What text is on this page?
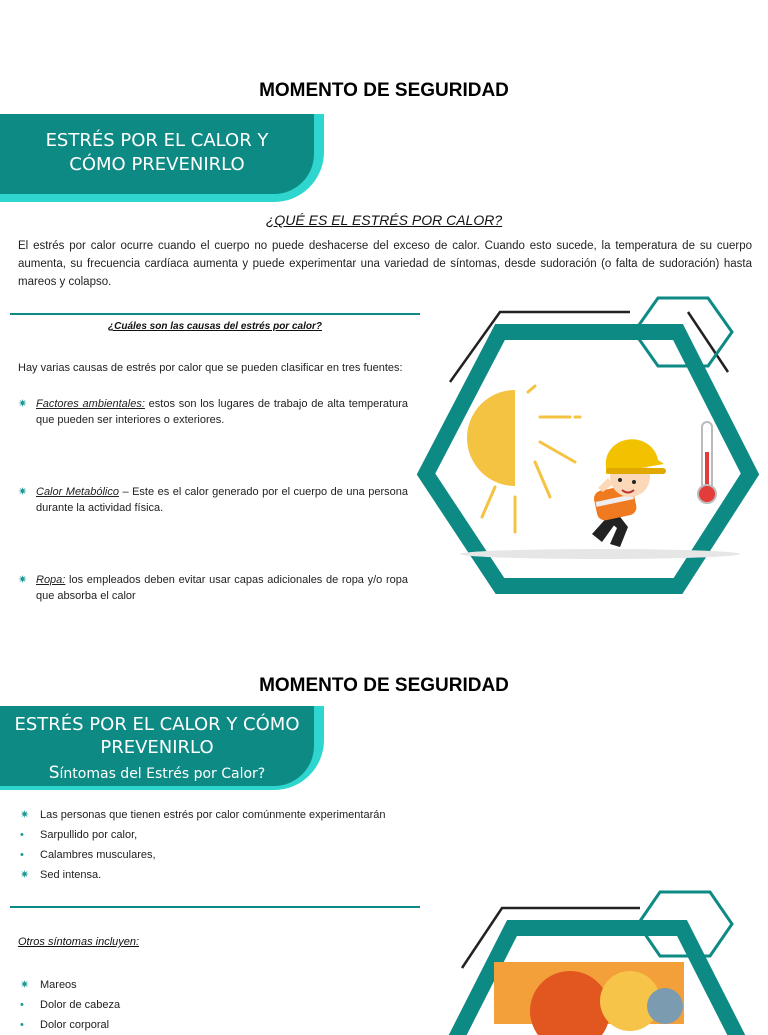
MOMENTO DE SEGURIDAD
ESTRÉS POR EL CALOR Y
CÓMO PREVENIRLO
¿QUÉ ES EL ESTRÉS POR CALOR?
El estrés por calor ocurre cuando el cuerpo no puede deshacerse del exceso de calor. Cuando esto sucede, la temperatura de su cuerpo aumenta, su frecuencia cardíaca aumenta y puede experimentar una variedad de síntomas, desde sudoración (o falta de sudoración) hasta mareos y colapso.
¿Cuáles son las causas del estrés por calor?
Hay varias causas de estrés por calor que se pueden clasificar en tres fuentes:
✷ Factores ambientales: estos son los lugares de trabajo de alta temperatura que pueden ser interiores o exteriores.
✷ Calor Metabólico – Este es el calor generado por el cuerpo de una persona durante la actividad física.
✷ Ropa: los empleados deben evitar usar capas adicionales de ropa y/o ropa que absorba el calor
MOMENTO DE SEGURIDAD
ESTRÉS POR EL CALOR Y CÓMO
PREVENIRLO
Síntomas del Estrés por Calor?
✷ Las personas que tienen estrés por calor comúnmente experimentarán
• Sarpullido por calor,
• Calambres musculares,
✷ Sed intensa.
Otros síntomas incluyen:
✷ Mareos
• Dolor de cabeza
• Dolor corporal
